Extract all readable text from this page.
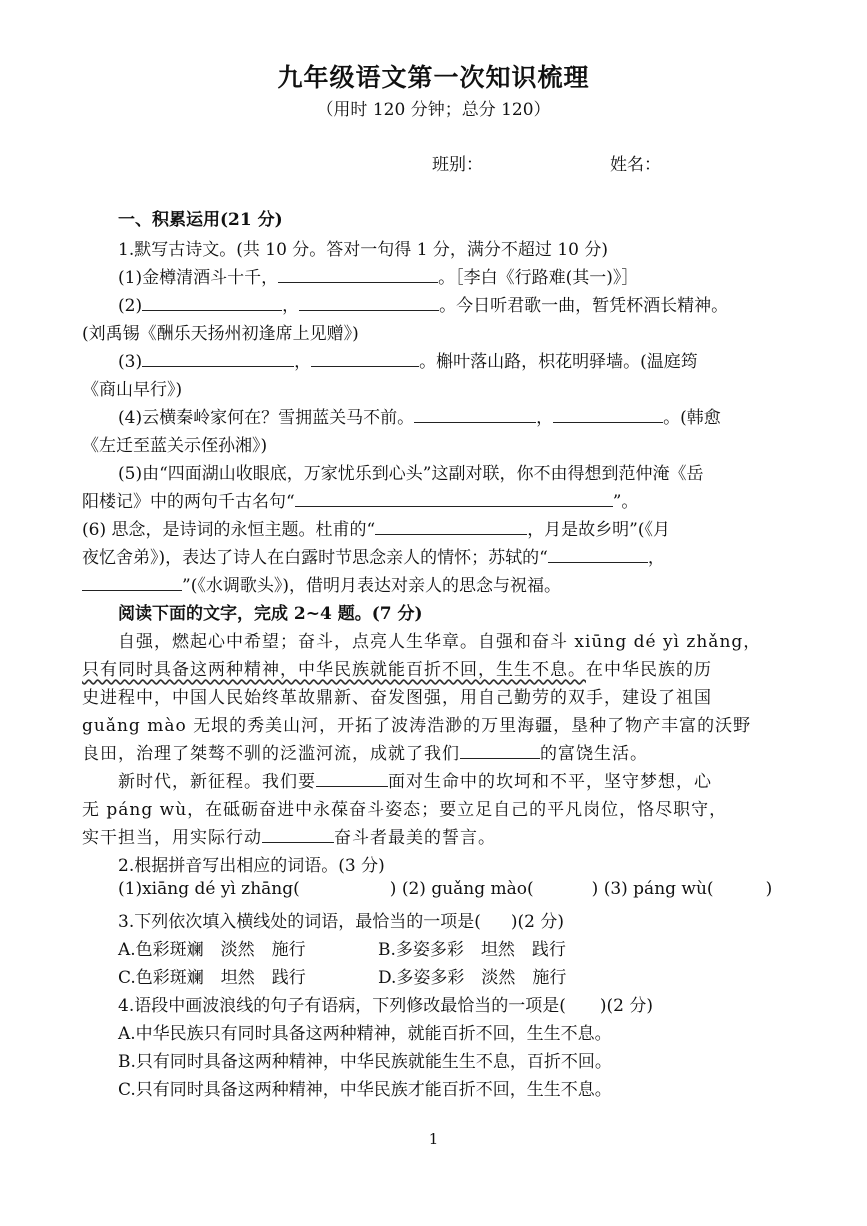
九年级语文第一次知识梳理
（用时 120 分钟；总分 120）
班别：	姓名：
一、积累运用(21 分)
1.默写古诗文。(共 10 分。答对一句得 1 分，满分不超过 10 分)
(1)金樽清酒斗十千，	。［李白《行路难(其一)》］
(2)	，	。今日听君歌一曲，暂凭杯酒长精神。
(刘禹锡《酬乐天扬州初逢席上见赠》)
(3)	，	。槲叶落山路，枳花明驿墙。(温庭筠
《商山早行》)
(4)云横秦岭家何在？雪拥蓝关马不前。	，	。(韩愈
《左迁至蓝关示侄孙湘》)
(5)由“四面湖山收眼底，万家忧乐到心头”这副对联，你不由得想到范仲淹《岳
阳楼记》中的两句千古名句“	”。
(6) 思念，是诗词的永恒主题。杜甫的“	，月是故乡明”(《月
夜忆舍弟》)，表达了诗人在白露时节思念亲人的情怀；苏轼的“	，
”(《水调歌头》)，借明月表达对亲人的思念与祝福。
阅读下面的文字，完成 2~4 题。(7 分)
自强，燃起心中希望；奋斗，点亮人生华章。自强和奋斗 xiūng dé yì zhǎng，
只有同时具备这两种精神，中华民族就能百折不回，生生不息。在中华民族的历
史进程中，中国人民始终革故鼎新、奋发图强，用自己勤劳的双手，建设了祖国
guǎng mào 无垠的秀美山河，开拓了波涛浩渺的万里海疆，垦种了物产丰富的沃野
良田，治理了桀骜不驯的泛滥河流，成就了我们	的富饶生活。
新时代，新征程。我们要	面对生命中的坎坷和不平，坚守梦想，心
无 páng wù，在砥砺奋进中永葆奋斗姿态；要立足自己的平凡岗位，恪尽职守，
实干担当，用实际行动	奋斗者最美的誓言。
2.根据拼音写出相应的词语。(3 分)
(1)xiāng dé yì zhāng(	) (2) guǎng mào(	) (3) páng wù(	)
3.下列依次填入横线处的词语，最恰当的一项是( )(2 分)
A.色彩斑斓　淡然　施行	B.多姿多彩　坦然　践行
C.色彩斑斓　坦然　践行	D.多姿多彩　淡然　施行
4.语段中画波浪线的句子有语病，下列修改最恰当的一项是( )(2 分)
A.中华民族只有同时具备这两种精神，就能百折不回，生生不息。
B.只有同时具备这两种精神，中华民族就能生生不息，百折不回。
C.只有同时具备这两种精神，中华民族才能百折不回，生生不息。
1
